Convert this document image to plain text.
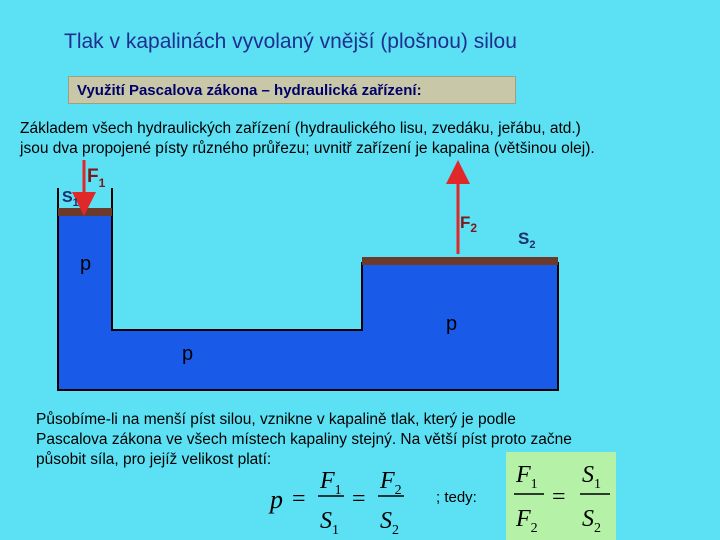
Tlak v kapalinách vyvolaný vnější (plošnou) silou
Využití Pascalova zákona – hydraulická zařízení:
Základem všech hydraulických zařízení (hydraulického lisu, zvedáku, jeřábu, atd.)
jsou dva propojené písty různého průřezu; uvnitř zařízení je kapalina (většinou olej).
$F_1$
$S_1$
$F_2$
$S_2$
p
p
p
Působíme-li na menší píst silou, vznikne v kapalině tlak, který je podle
Pascalova zákona ve všech místech kapaliny stejný. Na větší píst proto začne
působit síla, pro jejíž velikost platí:
p =
$F_1$
$S_1$
=
$F_2$
$S_2$
$F_1$
$F_2$
=
$S_1$
$S_2$
; tedy:
